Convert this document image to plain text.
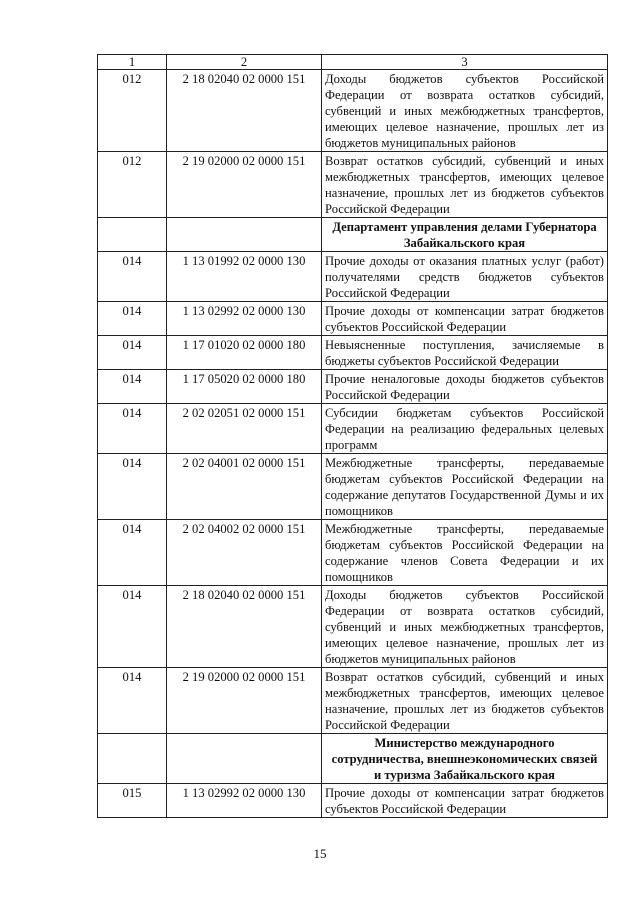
1	2	3
012	2 18 02040 02 0000 151	Доходы бюджетов субъектов Российской Федерации от возврата остатков субсидий, субвенций и иных межбюджетных трансфертов, имеющих целевое назначение, прошлых лет из бюджетов муниципальных районов
012	2 19 02000 02 0000 151	Возврат остатков субсидий, субвенций и иных межбюджетных трансфертов, имеющих целевое назначение, прошлых лет из бюджетов субъектов Российской Федерации
		Департамент управления делами Губернатора Забайкальского края
014	1 13 01992 02 0000 130	Прочие доходы от оказания платных услуг (работ) получателями средств бюджетов субъектов Российской Федерации
014	1 13 02992 02 0000 130	Прочие доходы от компенсации затрат бюджетов субъектов Российской Федерации
014	1 17 01020 02 0000 180	Невыясненные поступления, зачисляемые в бюджеты субъектов Российской Федерации
014	1 17 05020 02 0000 180	Прочие неналоговые доходы бюджетов субъектов Российской Федерации
014	2 02 02051 02 0000 151	Субсидии бюджетам субъектов Российской Федерации на реализацию федеральных целевых программ
014	2 02 04001 02 0000 151	Межбюджетные трансферты, передаваемые бюджетам субъектов Российской Федерации на содержание депутатов Государственной Думы и их помощников
014	2 02 04002 02 0000 151	Межбюджетные трансферты, передаваемые бюджетам субъектов Российской Федерации на содержание членов Совета Федерации и их помощников
014	2 18 02040 02 0000 151	Доходы бюджетов субъектов Российской Федерации от возврата остатков субсидий, субвенций и иных межбюджетных трансфертов, имеющих целевое назначение, прошлых лет из бюджетов муниципальных районов
014	2 19 02000 02 0000 151	Возврат остатков субсидий, субвенций и иных межбюджетных трансфертов, имеющих целевое назначение, прошлых лет из бюджетов субъектов Российской Федерации
		Министерство международного сотрудничества, внешнеэкономических связей и туризма Забайкальского края
015	1 13 02992 02 0000 130	Прочие доходы от компенсации затрат бюджетов субъектов Российской Федерации
15
